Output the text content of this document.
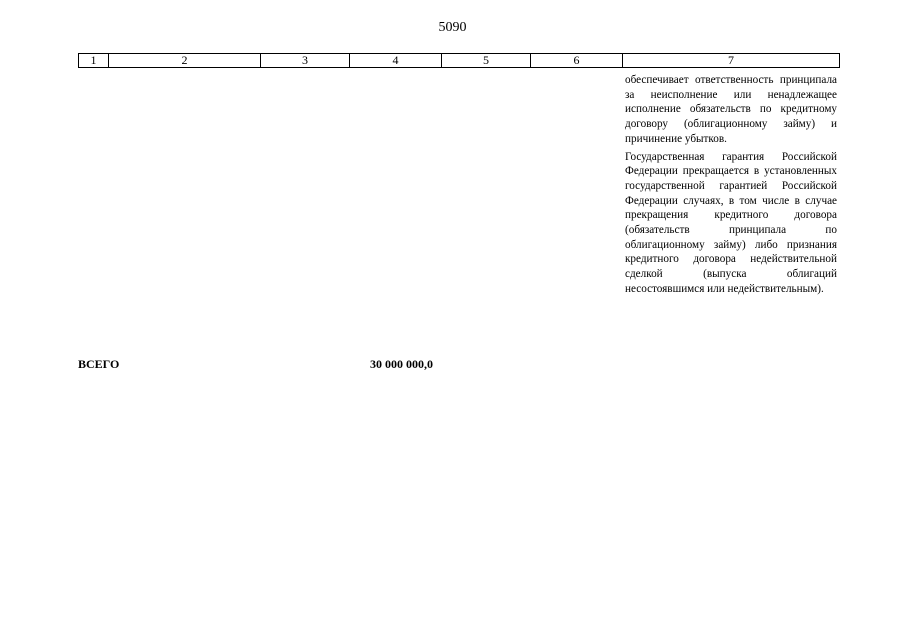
5090
1	2	3	4	5	6	7

обеспечивает ответственность принципала за неисполнение или ненадлежащее исполнение обязательств по кредитному договору (облигационному займу) и причинение убытков.

Государственная гарантия Российской Федерации прекращается в установленных государственной гарантией Российской Федерации случаях, в том числе в случае прекращения кредитного договора (обязательств принципала по облигационному займу) либо признания кредитного договора недействительной сделкой (выпуска облигаций несостоявшимся или недействительным).

ВСЕГО	30 000 000,0
